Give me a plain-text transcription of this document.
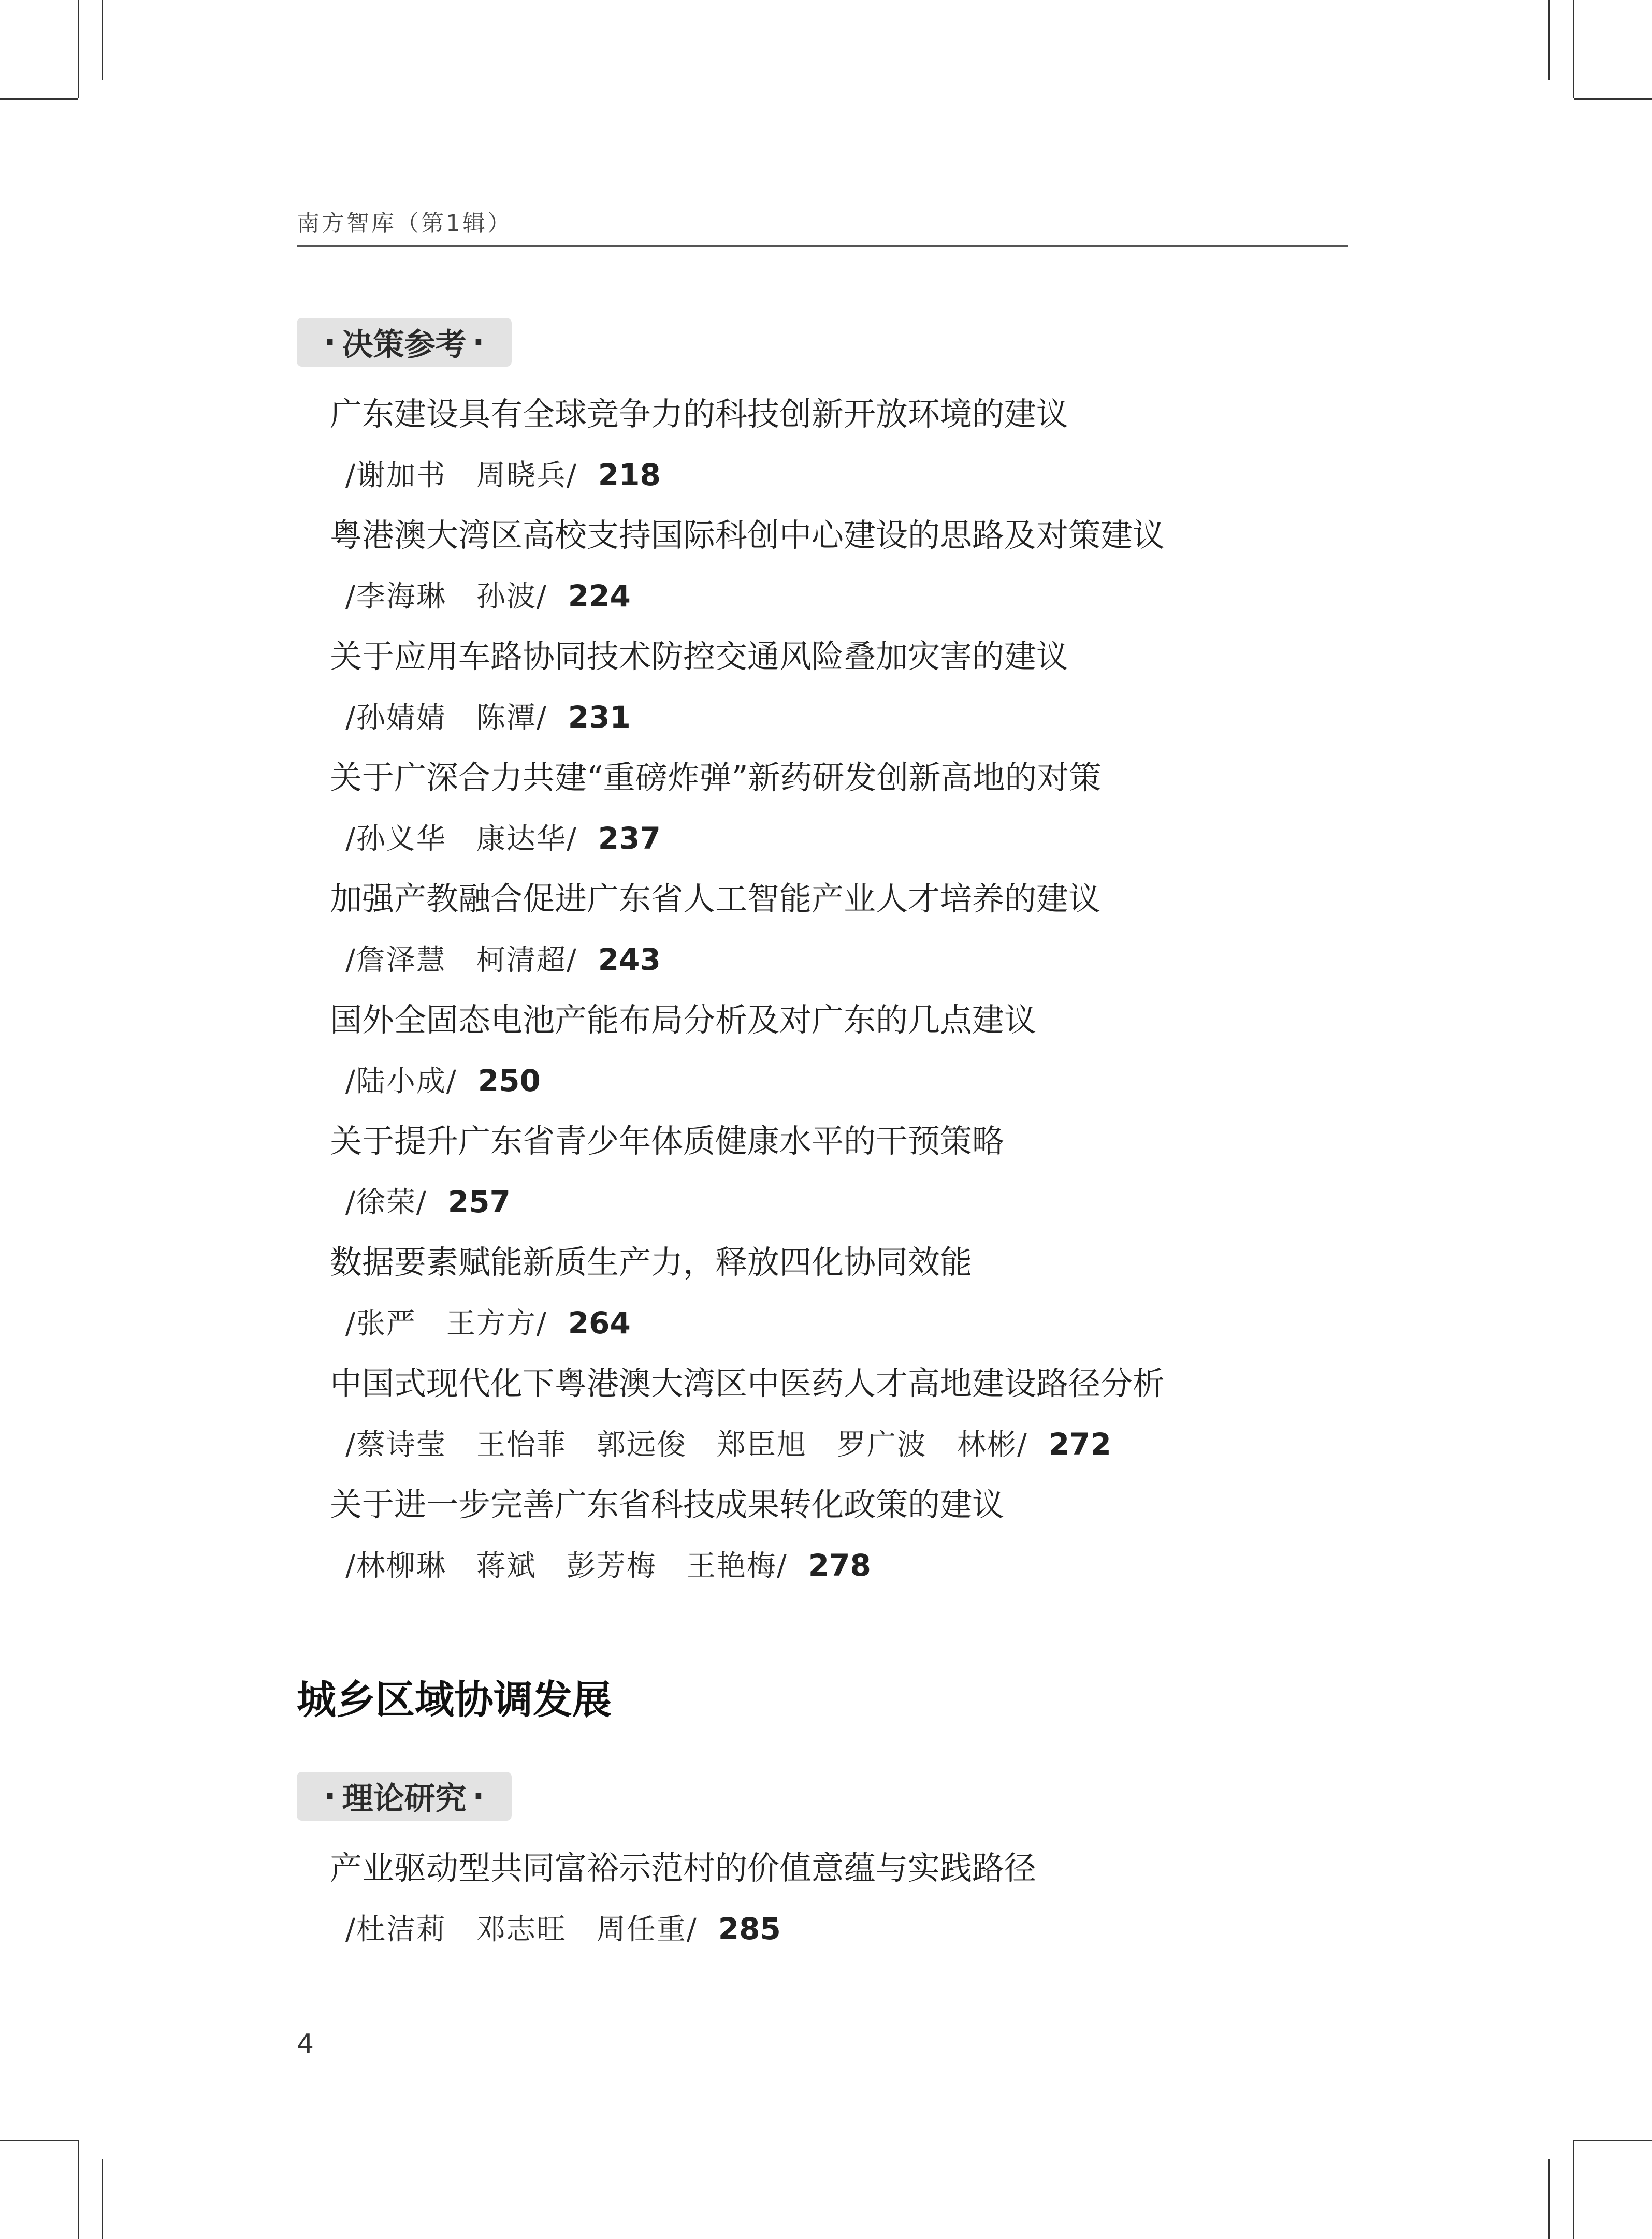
南方智库（第1辑）
· 决策参考 ·
广东建设具有全球竞争力的科技创新开放环境的建议
/谢加书　周晓兵/ 218
粤港澳大湾区高校支持国际科创中心建设的思路及对策建议
/李海琳　孙波/ 224
关于应用车路协同技术防控交通风险叠加灾害的建议
/孙婧婧　陈潭/ 231
关于广深合力共建“重磅炸弹”新药研发创新高地的对策
/孙义华　康达华/ 237
加强产教融合促进广东省人工智能产业人才培养的建议
/詹泽慧　柯清超/ 243
国外全固态电池产能布局分析及对广东的几点建议
/陆小成/ 250
关于提升广东省青少年体质健康水平的干预策略
/徐荣/ 257
数据要素赋能新质生产力，释放四化协同效能
/张严　王方方/ 264
中国式现代化下粤港澳大湾区中医药人才高地建设路径分析
/蔡诗莹　王怡菲　郭远俊　郑臣旭　罗广波　林彬/ 272
关于进一步完善广东省科技成果转化政策的建议
/林柳琳　蒋斌　彭芳梅　王艳梅/ 278
城乡区域协调发展
· 理论研究 ·
产业驱动型共同富裕示范村的价值意蕴与实践路径
/杜洁莉　邓志旺　周任重/ 285
4
